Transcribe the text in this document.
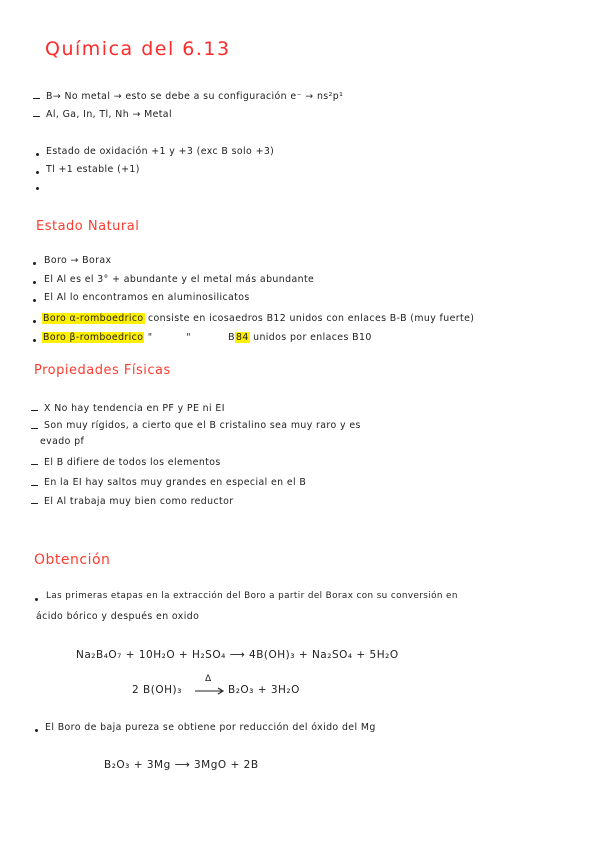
Química del 6.13
B→ No metal → esto se debe a su configuración e⁻ → ns²p¹
Al, Ga, In, Tl, Nh → Metal
Estado de oxidación +1 y +3 (exc B solo +3)
Tl +1 estable (+1)
Estado Natural
Boro → Borax
El Al es el 3° + abundante y el metal más abundante
El Al lo encontramos en aluminosilicatos
Boro α-romboedrico consiste en icosaedros B12 unidos con enlaces B-B (muy fuerte)
Boro β-romboedrico "          "           B84 unidos por enlaces B10
Propiedades Físicas
X No hay tendencia en PF y PE ni EI
Son muy rígidos, a cierto que el B cristalino sea muy raro y es
evado pf
El B difiere de todos los elementos
En la EI hay saltos muy grandes en especial en el B
El Al trabaja muy bien como reductor
Obtención
Las primeras etapas en la extracción del Boro a partir del Borax con su conversión en
ácido bórico y después en oxido
Na₂B₄O₇ + 10H₂O + H₂SO₄ ⟶ 4B(OH)₃ + Na₂SO₄ + 5H₂O
2 B(OH)₃
Δ
→ B₂O₃ + 3H₂O
El Boro de baja pureza se obtiene por reducción del óxido del Mg
B₂O₃ + 3Mg ⟶ 3MgO + 2B
